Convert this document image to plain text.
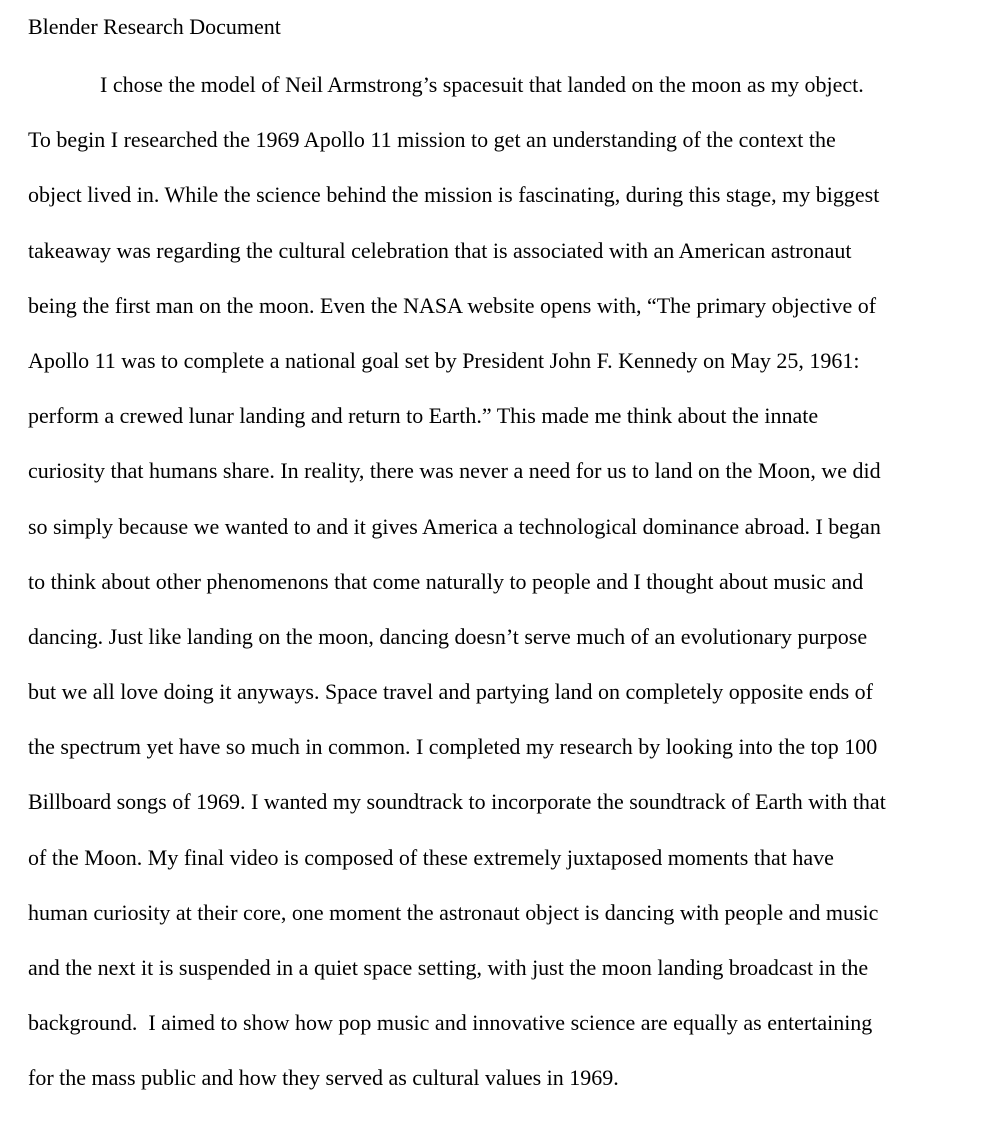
Blender Research Document
I chose the model of Neil Armstrong’s spacesuit that landed on the moon as my object.
To begin I researched the 1969 Apollo 11 mission to get an understanding of the context the
object lived in. While the science behind the mission is fascinating, during this stage, my biggest
takeaway was regarding the cultural celebration that is associated with an American astronaut
being the first man on the moon. Even the NASA website opens with, “The primary objective of
Apollo 11 was to complete a national goal set by President John F. Kennedy on May 25, 1961:
perform a crewed lunar landing and return to Earth.” This made me think about the innate
curiosity that humans share. In reality, there was never a need for us to land on the Moon, we did
so simply because we wanted to and it gives America a technological dominance abroad. I began
to think about other phenomenons that come naturally to people and I thought about music and
dancing. Just like landing on the moon, dancing doesn’t serve much of an evolutionary purpose
but we all love doing it anyways. Space travel and partying land on completely opposite ends of
the spectrum yet have so much in common. I completed my research by looking into the top 100
Billboard songs of 1969. I wanted my soundtrack to incorporate the soundtrack of Earth with that
of the Moon. My final video is composed of these extremely juxtaposed moments that have
human curiosity at their core, one moment the astronaut object is dancing with people and music
and the next it is suspended in a quiet space setting, with just the moon landing broadcast in the
background.  I aimed to show how pop music and innovative science are equally as entertaining
for the mass public and how they served as cultural values in 1969.
